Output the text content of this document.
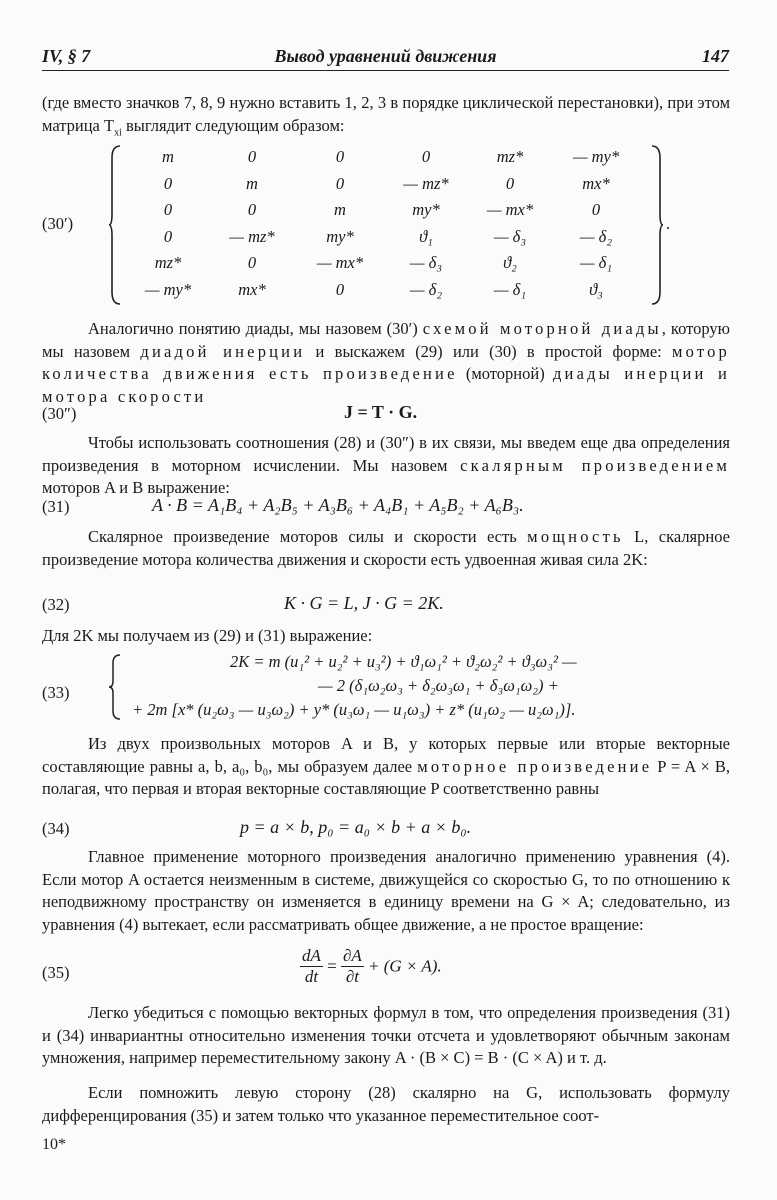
IV, § 7	Вывод уравнений движения	147

(где вместо значков 7, 8, 9 нужно вставить 1, 2, 3 в порядке циклической перестановки), при этом матрица $T_{xi}$ выглядит следующим образом:

(30′)
m	0	0	0	mz*	— my*
0	m	0	— mz*	0	mx*
0	0	m	my*	— mx*	0
0	— mz*	my*	ϑ₁	— δ₃	— δ₂
mz*	0	— mx*	— δ₃	ϑ₂	— δ₁
— my*	mx*	0	— δ₂	— δ₁	ϑ₃
.

Аналогично понятию диады, мы назовем (30′) схемой моторной диады, которую мы назовем диадой инерции и выскажем (29) или (30) в простой форме: мотор количества движения есть произведение (моторной) диады инерции и мотора скорости

(30″)	J = T · G.

Чтобы использовать соотношения (28) и (30″) в их связи, мы введем еще два определения произведения в моторном исчислении. Мы назовем скалярным произведением моторов A и B выражение:

(31)	A · B = A₁B₄ + A₂B₅ + A₃B₆ + A₄B₁ + A₅B₂ + A₆B₃.

Скалярное произведение моторов силы и скорости есть мощность L, скалярное произведение мотора количества движения и скорости есть удвоенная живая сила 2K:

(32)	K · G = L, J · G = 2K.

Для 2K мы получаем из (29) и (31) выражение:

(33)
2K = m (u₁² + u₂² + u₃²) + ϑ₁ω₁² + ϑ₂ω₂² + ϑ₃ω₃² —
— 2 (δ₁ω₂ω₃ + δ₂ω₃ω₁ + δ₃ω₁ω₂) +
+ 2m [x* (u₂ω₃ — u₃ω₂) + y* (u₃ω₁ — u₁ω₃) + z* (u₁ω₂ — u₂ω₁)].

Из двух произвольных моторов A и B, у которых первые или вторые векторные составляющие равны a, b, a₀, b₀, мы образуем далее моторное произведение P = A × B, полагая, что первая и вторая векторные составляющие P соответственно равны

(34)	p = a × b, p₀ = a₀ × b + a × b₀.

Главное применение моторного произведения аналогично применению уравнения (4). Если мотор A остается неизменным в системе, движущейся со скоростью G, то по отношению к неподвижному пространству он изменяется в единицу времени на G × A; следовательно, из уравнения (4) вытекает, если рассматривать общее движение, а не простое вращение:

(35)	$\frac{dA}{dt} = \frac{\partial A}{\partial t} + (G \times A)$.

Легко убедиться с помощью векторных формул в том, что определения произведения (31) и (34) инвариантны относительно изменения точки отсчета и удовлетворяют обычным законам умножения, например переместительному закону A · (B × C) = B · (C × A) и т. д.

Если помножить левую сторону (28) скалярно на G, использовать формулу дифференцирования (35) и затем только что указанное переместительное соот-

10*
